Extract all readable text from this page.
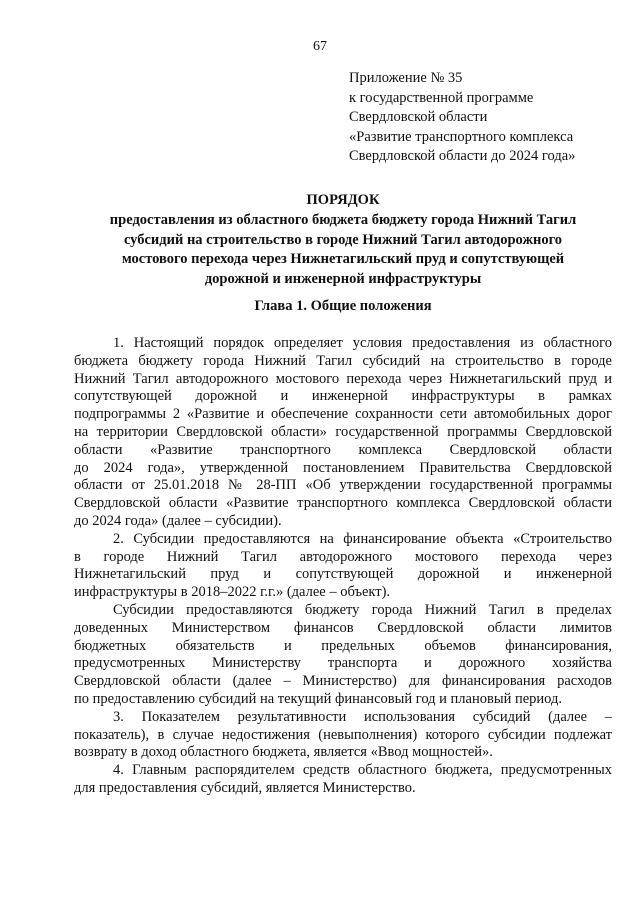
67
Приложение № 35
к государственной программе
Свердловской области
«Развитие транспортного комплекса
Свердловской области до 2024 года»
ПОРЯДОК
предоставления из областного бюджета бюджету города Нижний Тагил
субсидий на строительство в городе Нижний Тагил автодорожного
мостового перехода через Нижнетагильский пруд и сопутствующей
дорожной и инженерной инфраструктуры
Глава 1. Общие положения
1. Настоящий порядок определяет условия предоставления из областного
бюджета бюджету города Нижний Тагил субсидий на строительство в городе
Нижний Тагил автодорожного мостового перехода через Нижнетагильский пруд и
сопутствующей дорожной и инженерной инфраструктуры в рамках
подпрограммы 2 «Развитие и обеспечение сохранности сети автомобильных дорог
на территории Свердловской области» государственной программы Свердловской
области «Развитие транспортного комплекса Свердловской области
до 2024 года», утвержденной постановлением Правительства Свердловской
области от 25.01.2018 № 28-ПП «Об утверждении государственной программы
Свердловской области «Развитие транспортного комплекса Свердловской области
до 2024 года» (далее – субсидии).
2. Субсидии предоставляются на финансирование объекта «Строительство
в городе Нижний Тагил автодорожного мостового перехода через
Нижнетагильский пруд и сопутствующей дорожной и инженерной
инфраструктуры в 2018–2022 г.г.» (далее – объект).
Субсидии предоставляются бюджету города Нижний Тагил в пределах
доведенных Министерством финансов Свердловской области лимитов
бюджетных обязательств и предельных объемов финансирования,
предусмотренных Министерству транспорта и дорожного хозяйства
Свердловской области (далее – Министерство) для финансирования расходов
по предоставлению субсидий на текущий финансовый год и плановый период.
3. Показателем результативности использования субсидий (далее –
показатель), в случае недостижения (невыполнения) которого субсидии подлежат
возврату в доход областного бюджета, является «Ввод мощностей».
4. Главным распорядителем средств областного бюджета, предусмотренных
для предоставления субсидий, является Министерство.
